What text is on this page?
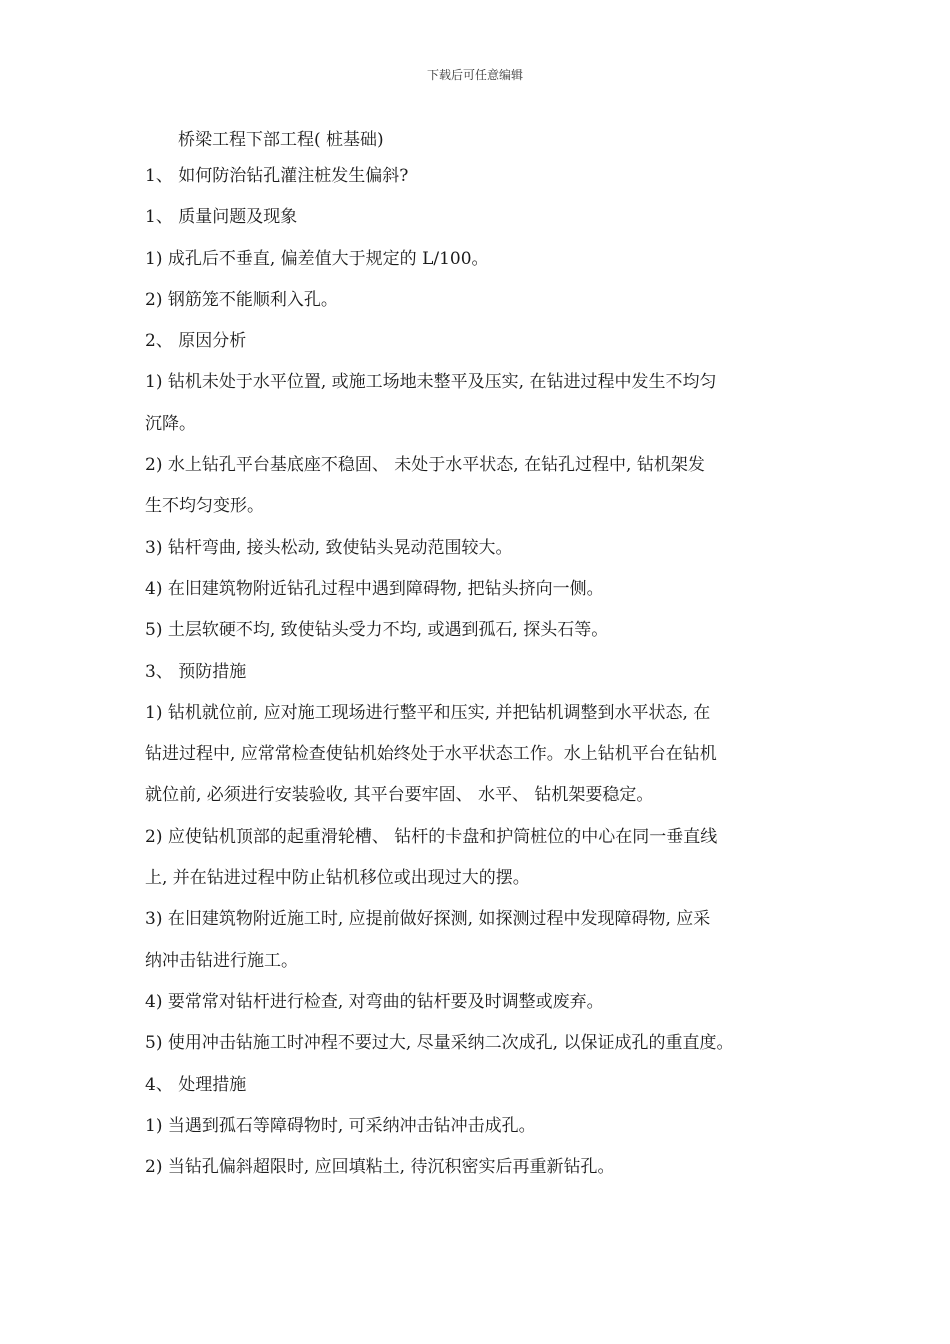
下载后可任意编辑
桥梁工程下部工程( 桩基础)
1、 如何防治钻孔灌注桩发生偏斜?
1、 质量问题及现象
1) 成孔后不垂直, 偏差值大于规定的 L/100。
2) 钢筋笼不能顺利入孔。
2、 原因分析
1) 钻机未处于水平位置, 或施工场地未整平及压实, 在钻进过程中发生不均匀
沉降。
2) 水上钻孔平台基底座不稳固、 未处于水平状态, 在钻孔过程中, 钻机架发
生不均匀变形。
3) 钻杆弯曲, 接头松动, 致使钻头晃动范围较大。
4) 在旧建筑物附近钻孔过程中遇到障碍物, 把钻头挤向一侧。
5) 土层软硬不均, 致使钻头受力不均, 或遇到孤石, 探头石等。
3、 预防措施
1) 钻机就位前, 应对施工现场进行整平和压实, 并把钻机调整到水平状态, 在
钻进过程中, 应常常检查使钻机始终处于水平状态工作。水上钻机平台在钻机
就位前, 必须进行安装验收, 其平台要牢固、 水平、 钻机架要稳定。
2) 应使钻机顶部的起重滑轮槽、 钻杆的卡盘和护筒桩位的中心在同一垂直线
上, 并在钻进过程中防止钻机移位或出现过大的摆。
3) 在旧建筑物附近施工时, 应提前做好探测, 如探测过程中发现障碍物, 应采
纳冲击钻进行施工。
4) 要常常对钻杆进行检查, 对弯曲的钻杆要及时调整或废弃。
5) 使用冲击钻施工时冲程不要过大, 尽量采纳二次成孔, 以保证成孔的重直度。
4、 处理措施
1) 当遇到孤石等障碍物时, 可采纳冲击钻冲击成孔。
2) 当钻孔偏斜超限时, 应回填粘土, 待沉积密实后再重新钻孔。
